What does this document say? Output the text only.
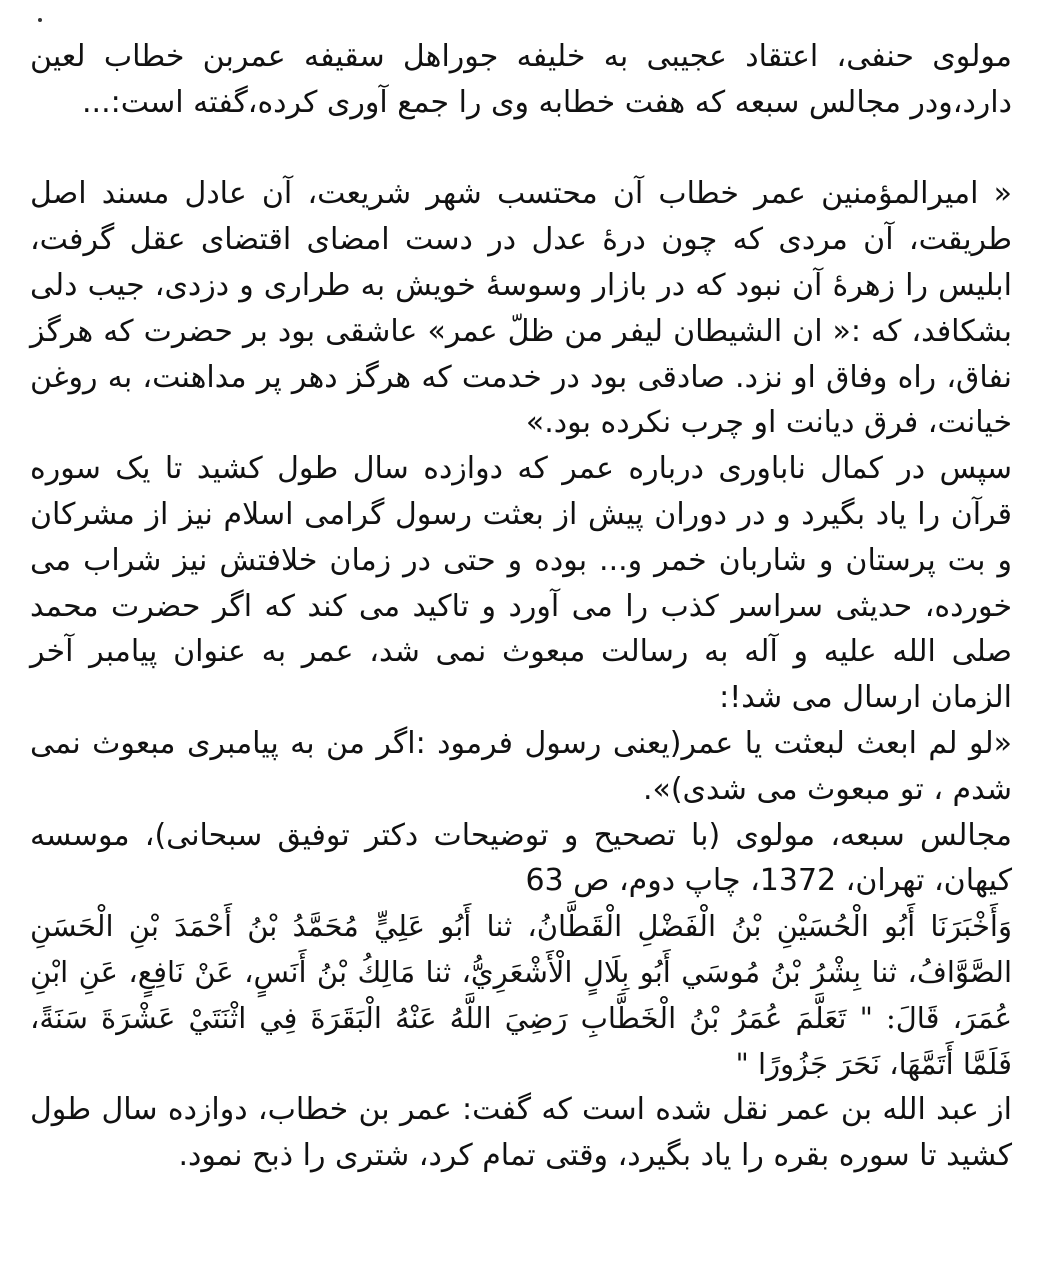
مولوی حنفی، اعتقاد عجیبی به خلیفه جوراهل سقیفه عمربن خطاب لعین دارد،ودر مجالس سبعه که هفت خطابه وی را جمع آوری کرده،گفته است:...

« امیرالمؤمنین عمر خطاب آن محتسب شهر شریعت، آن عادل مسند اصل طریقت، آن مردی که چون درهٔ عدل در دست امضای اقتضای عقل گرفت، ابلیس را زهرهٔ آن نبود که در بازار وسوسهٔ خویش به طراری و دزدی، جیب دلی بشکافد، که :« ان الشیطان لیفر من ظلّ عمر» عاشقی بود بر حضرت که هرگز نفاق، راه وفاق او نزد. صادقی بود در خدمت که هرگز دهر پر مداهنت، به روغن خیانت، فرق دیانت او چرب نکرده بود.»

سپس در کمال ناباوری درباره عمر که دوازده سال طول کشید تا یک سوره قرآن را یاد بگیرد و در دوران پیش از بعثت رسول گرامی اسلام نیز از مشرکان و بت پرستان و شاربان خمر و... بوده و حتی در زمان خلافتش نیز شراب می خورده، حدیثی سراسر کذب را می آورد و تاکید می کند که اگر حضرت محمد صلی الله علیه و آله به رسالت مبعوث نمی شد، عمر به عنوان پیامبر آخر الزمان ارسال می شد!:

«لو لم ابعث لبعثت یا عمر(یعنی رسول فرمود :اگر من به پیامبری مبعوث نمی شدم ، تو مبعوث می شدی)».

مجالس سبعه، مولوی (با تصحیح و توضیحات دکتر توفیق سبحانی)، موسسه کیهان، تهران، 1372، چاپ دوم، ص 63

وَأَخْبَرَنَا أَبُو الْحُسَيْنِ بْنُ الْفَضْلِ الْقَطَّانُ، ثنا أَبُو عَلِيٍّ مُحَمَّدُ بْنُ أَحْمَدَ بْنِ الْحَسَنِ الصَّوَّافُ، ثنا بِشْرُ بْنُ مُوسَي أَبُو بِلَالٍ الْأَشْعَرِيُّ، ثنا مَالِكُ بْنُ أَنَسٍ، عَنْ نَافِعٍ، عَنِ ابْنِ عُمَرَ، قَالَ: " تَعَلَّمَ عُمَرُ بْنُ الْخَطَّابِ رَضِيَ اللَّهُ عَنْهُ الْبَقَرَةَ فِي اثْنَتَيْ عَشْرَةَ سَنَةً، فَلَمَّا أَتَمَّهَا، نَحَرَ جَزُورًا "

از عبد الله بن عمر نقل شده است که گفت: عمر بن خطاب، دوازده سال طول کشید تا سوره بقره را یاد بگیرد، وقتی تمام کرد، شتری را ذبح نمود.
